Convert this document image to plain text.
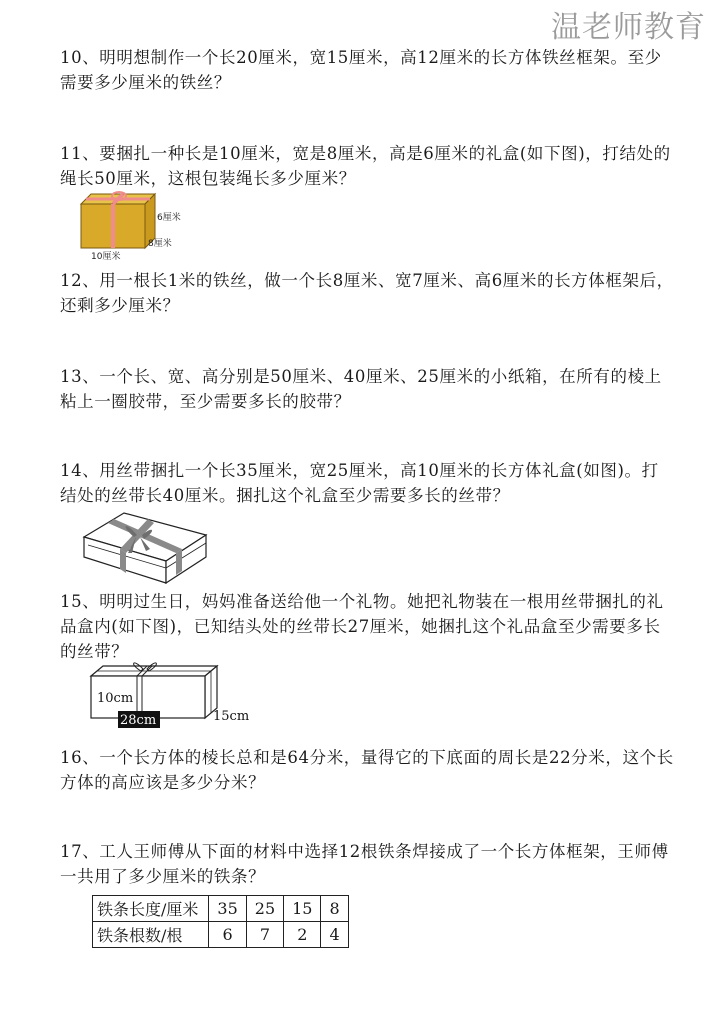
温老师教育

10、明明想制作一个长20厘米，宽15厘米，高12厘米的长方体铁丝框架。至少需要多少厘米的铁丝？

11、要捆扎一种长是10厘米，宽是8厘米，高是6厘米的礼盒(如下图)，打结处的绳长50厘米，这根包装绳长多少厘米？

6厘米
8厘米
10厘米

12、用一根长1米的铁丝，做一个长8厘米、宽7厘米、高6厘米的长方体框架后，还剩多少厘米？

13、一个长、宽、高分别是50厘米、40厘米、25厘米的小纸箱，在所有的棱上粘上一圈胶带，至少需要多长的胶带？

14、用丝带捆扎一个长35厘米，宽25厘米，高10厘米的长方体礼盒(如图)。打结处的丝带长40厘米。捆扎这个礼盒至少需要多长的丝带？

15、明明过生日，妈妈准备送给他一个礼物。她把礼物装在一根用丝带捆扎的礼品盒内(如下图)，已知结头处的丝带长27厘米，她捆扎这个礼品盒至少需要多长的丝带？

10cm
28cm	15cm

16、一个长方体的棱长总和是64分米，量得它的下底面的周长是22分米，这个长方体的高应该是多少分米？

17、工人王师傅从下面的材料中选择12根铁条焊接成了一个长方体框架，王师傅一共用了多少厘米的铁条？

铁条长度/厘米	35	25	15	8
铁条根数/根	6	7	2	4
